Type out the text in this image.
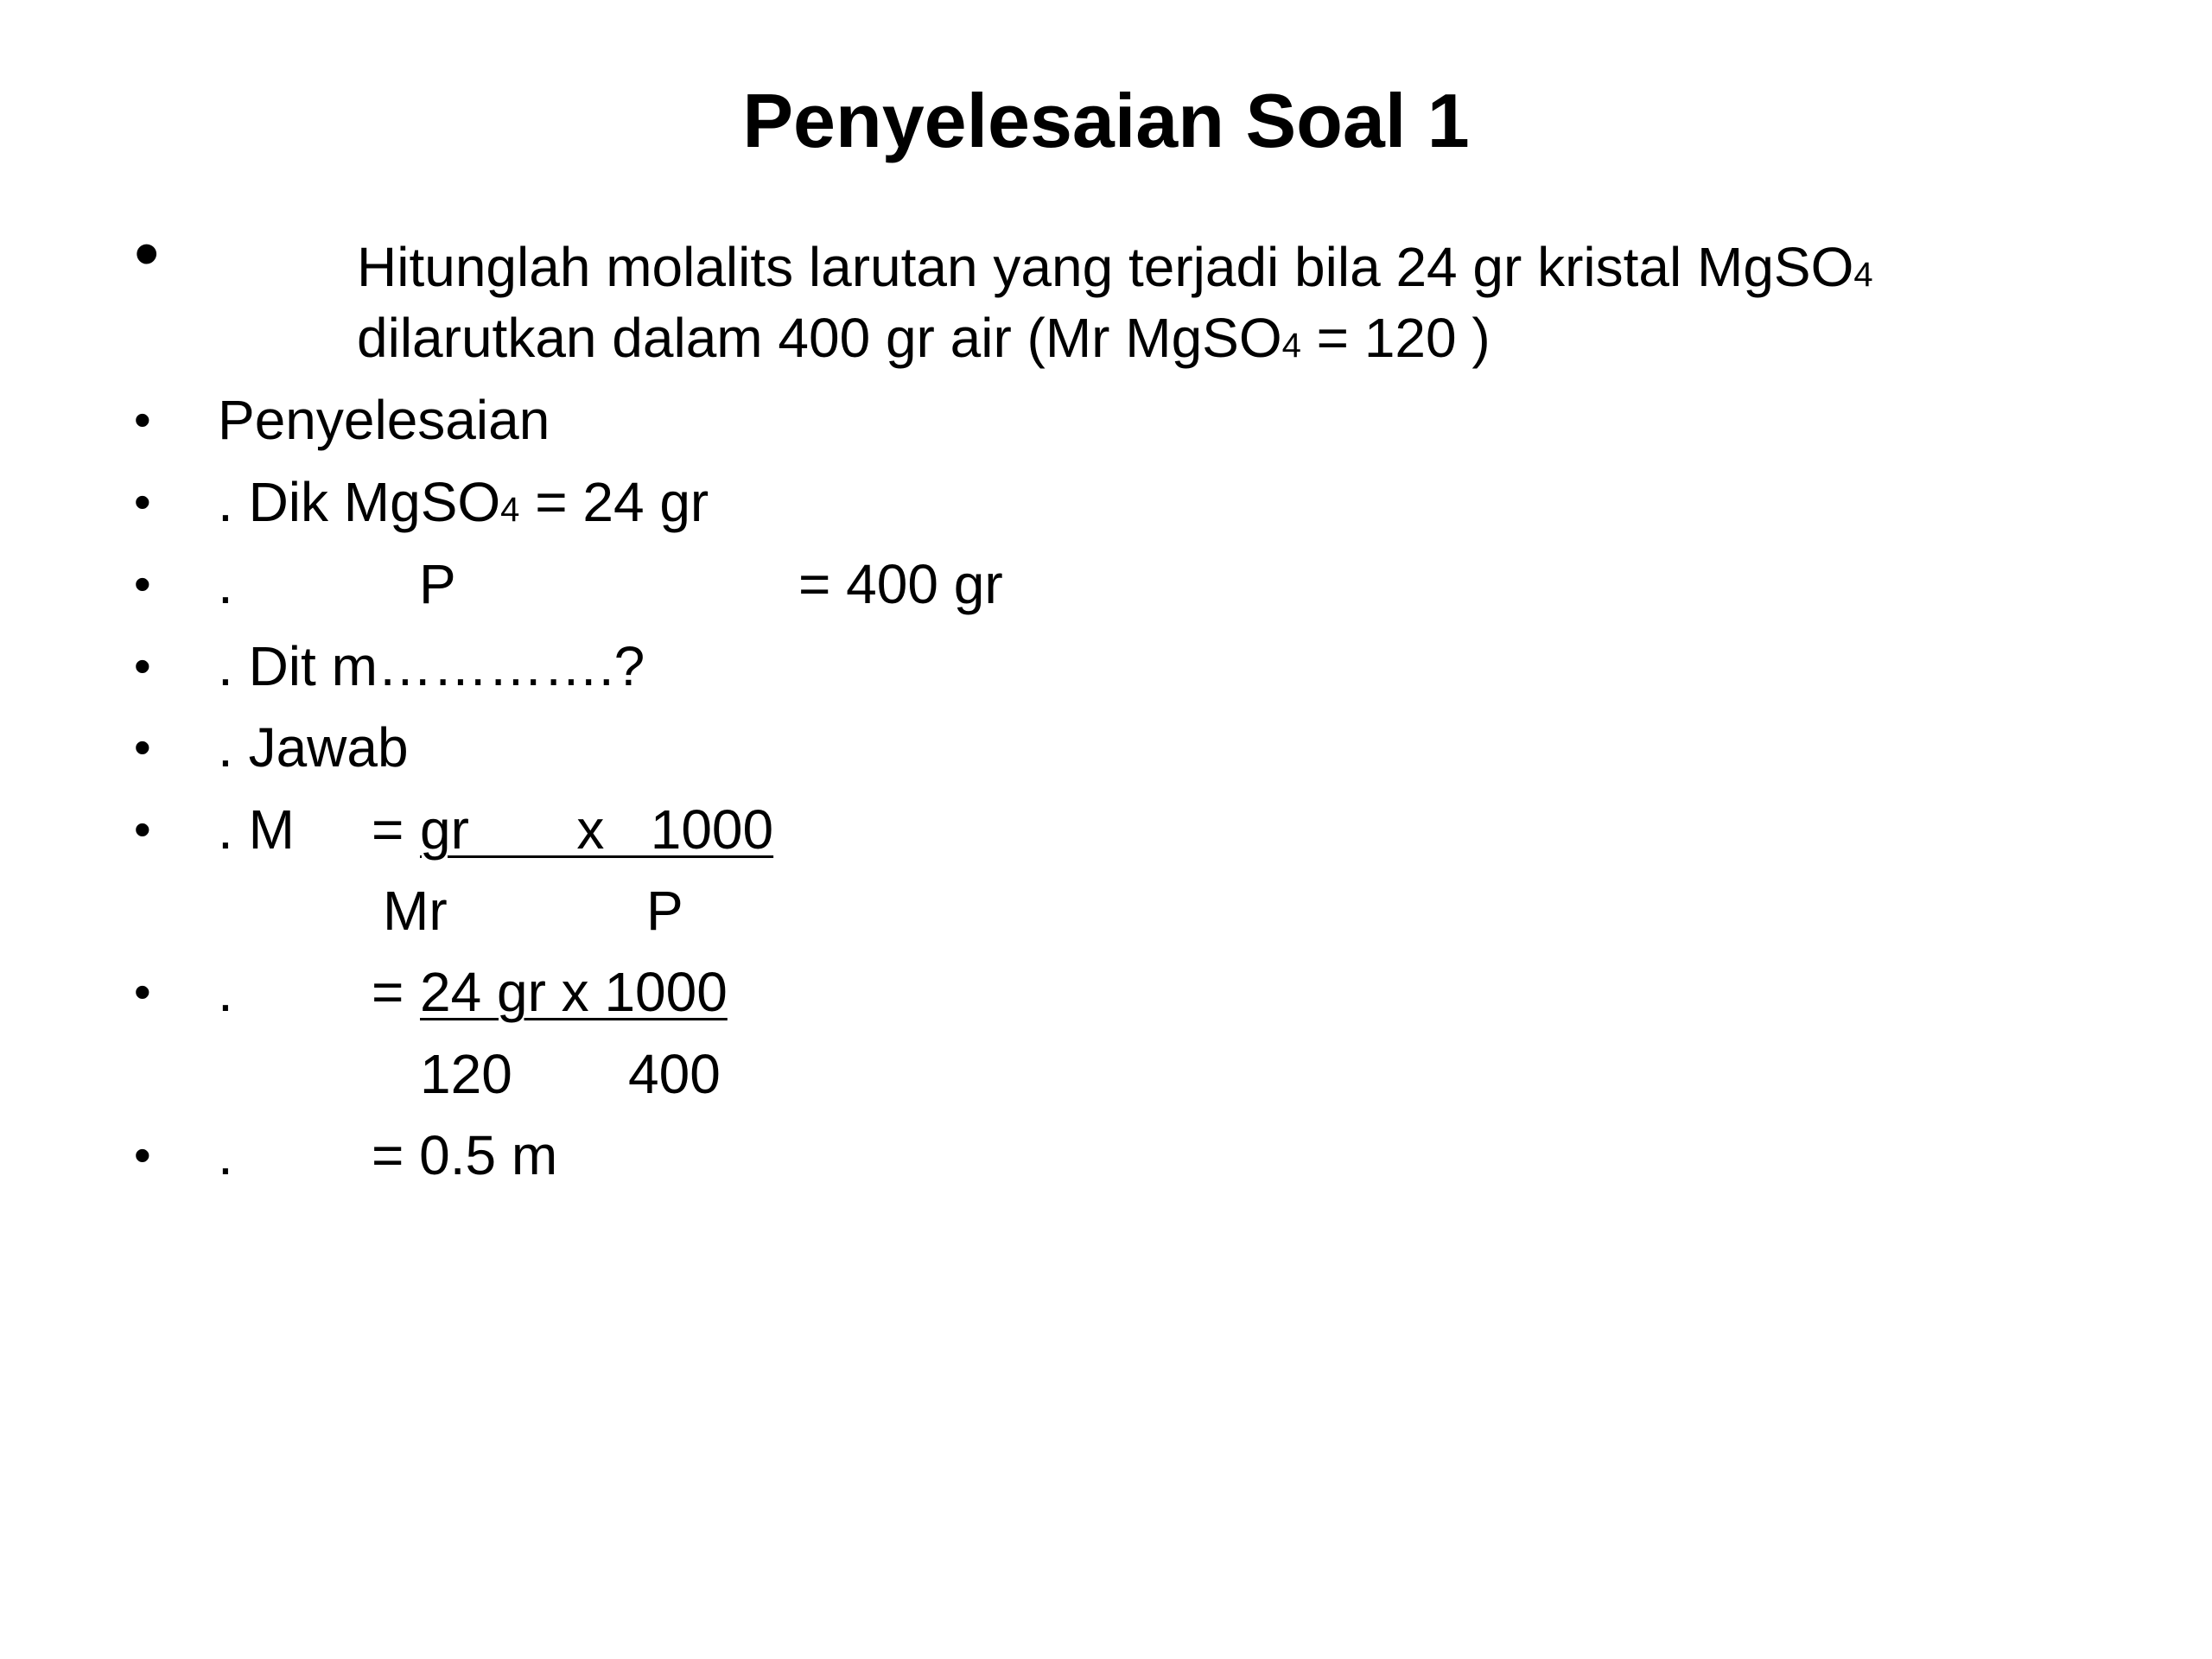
Penyelesaian Soal 1
•	Hitunglah molalits larutan yang terjadi bila 24 gr kristal MgSO4
dilarutkan dalam 400 gr air (Mr MgSO4 = 120 )
• Penyelesaian
• . Dik MgSO4 = 24 gr
• .	P	= 400 gr
• . Dit m………….?
• . Jawab
• . M = gr       x   1000
Mr	P
• .	= 24 gr x 1000
120 400
• .	= 0.5 m
